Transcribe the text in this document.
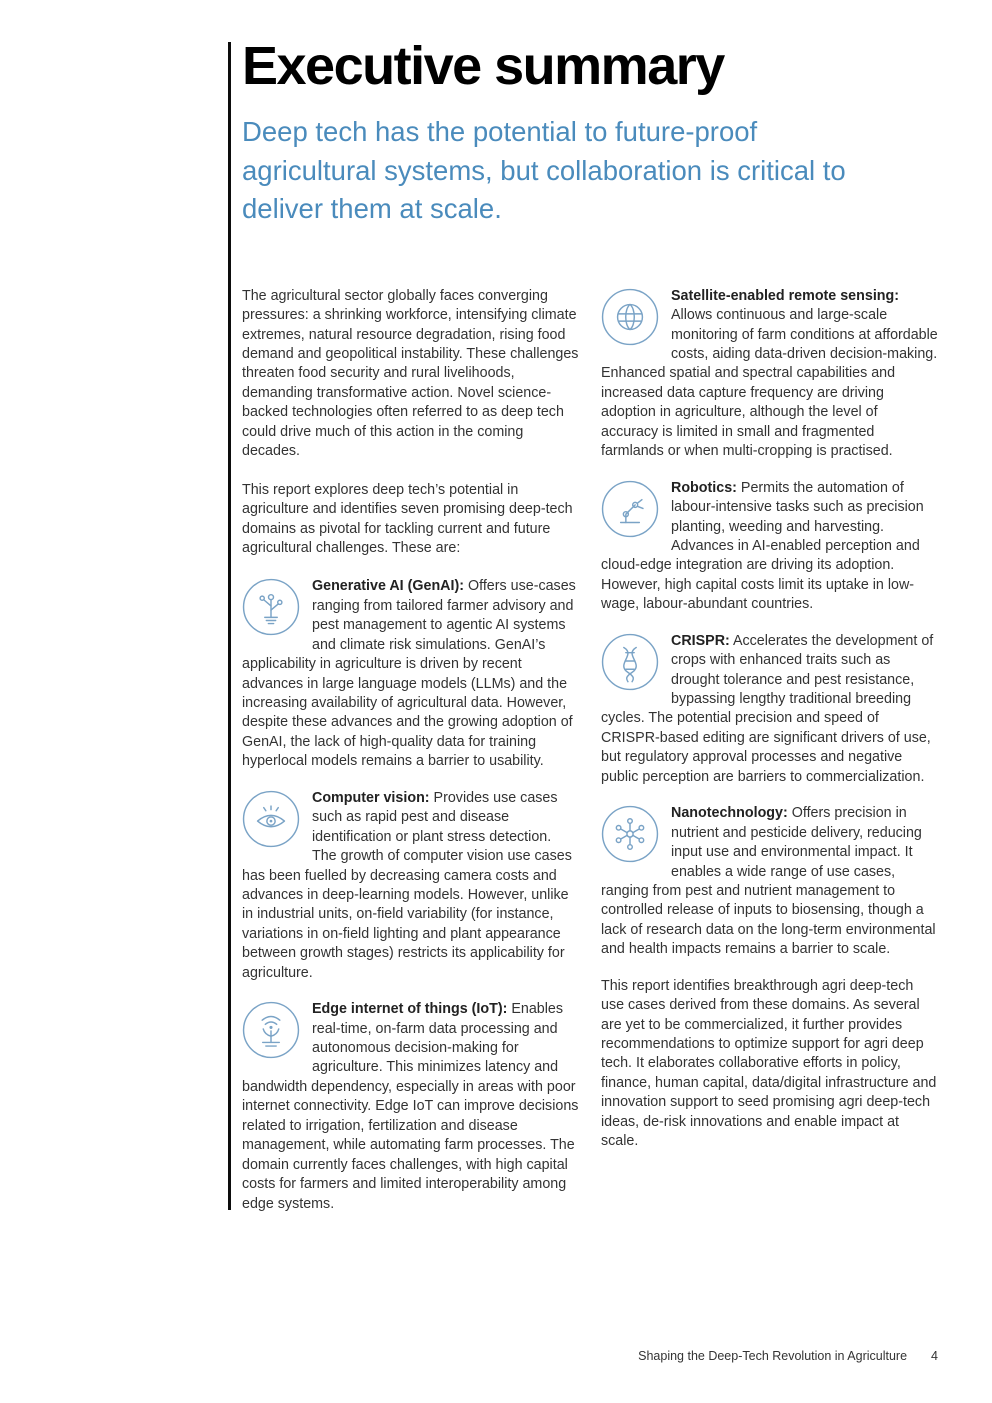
Executive summary
Deep tech has the potential to future-proof agricultural systems, but collaboration is critical to deliver them at scale.

The agricultural sector globally faces converging pressures: a shrinking workforce, intensifying climate extremes, natural resource degradation, rising food demand and geopolitical instability. These challenges threaten food security and rural livelihoods, demanding transformative action. Novel science-backed technologies often referred to as deep tech could drive much of this action in the coming decades.

This report explores deep tech’s potential in agriculture and identifies seven promising deep-tech domains as pivotal for tackling current and future agricultural challenges. These are:

Generative AI (GenAI): Offers use-cases ranging from tailored farmer advisory and pest management to agentic AI systems and climate risk simulations. GenAI’s applicability in agriculture is driven by recent advances in large language models (LLMs) and the increasing availability of agricultural data. However, despite these advances and the growing adoption of GenAI, the lack of high-quality data for training hyperlocal models remains a barrier to usability.

Computer vision: Provides use cases such as rapid pest and disease identification or plant stress detection. The growth of computer vision use cases has been fuelled by decreasing camera costs and advances in deep-learning models. However, unlike in industrial units, on-field variability (for instance, variations in on-field lighting and plant appearance between growth stages) restricts its applicability for agriculture.

Edge internet of things (IoT): Enables real-time, on-farm data processing and autonomous decision-making for agriculture. This minimizes latency and bandwidth dependency, especially in areas with poor internet connectivity. Edge IoT can improve decisions related to irrigation, fertilization and disease management, while automating farm processes. The domain currently faces challenges, with high capital costs for farmers and limited interoperability among edge systems.

Satellite-enabled remote sensing: Allows continuous and large-scale monitoring of farm conditions at affordable costs, aiding data-driven decision-making. Enhanced spatial and spectral capabilities and increased data capture frequency are driving adoption in agriculture, although the level of accuracy is limited in small and fragmented farmlands or when multi-cropping is practised.

Robotics: Permits the automation of labour-intensive tasks such as precision planting, weeding and harvesting. Advances in AI-enabled perception and cloud-edge integration are driving its adoption. However, high capital costs limit its uptake in low-wage, labour-abundant countries.

CRISPR: Accelerates the development of crops with enhanced traits such as drought tolerance and pest resistance, bypassing lengthy traditional breeding cycles. The potential precision and speed of CRISPR-based editing are significant drivers of use, but regulatory approval processes and negative public perception are barriers to commercialization.

Nanotechnology: Offers precision in nutrient and pesticide delivery, reducing input use and environmental impact. It enables a wide range of use cases, ranging from pest and nutrient management to controlled release of inputs to biosensing, though a lack of research data on the long-term environmental and health impacts remains a barrier to scale.

This report identifies breakthrough agri deep-tech use cases derived from these domains. As several are yet to be commercialized, it further provides recommendations to optimize support for agri deep tech. It elaborates collaborative efforts in policy, finance, human capital, data/digital infrastructure and innovation support to seed promising agri deep-tech ideas, de-risk innovations and enable impact at scale.

Shaping the Deep-Tech Revolution in Agriculture 4
